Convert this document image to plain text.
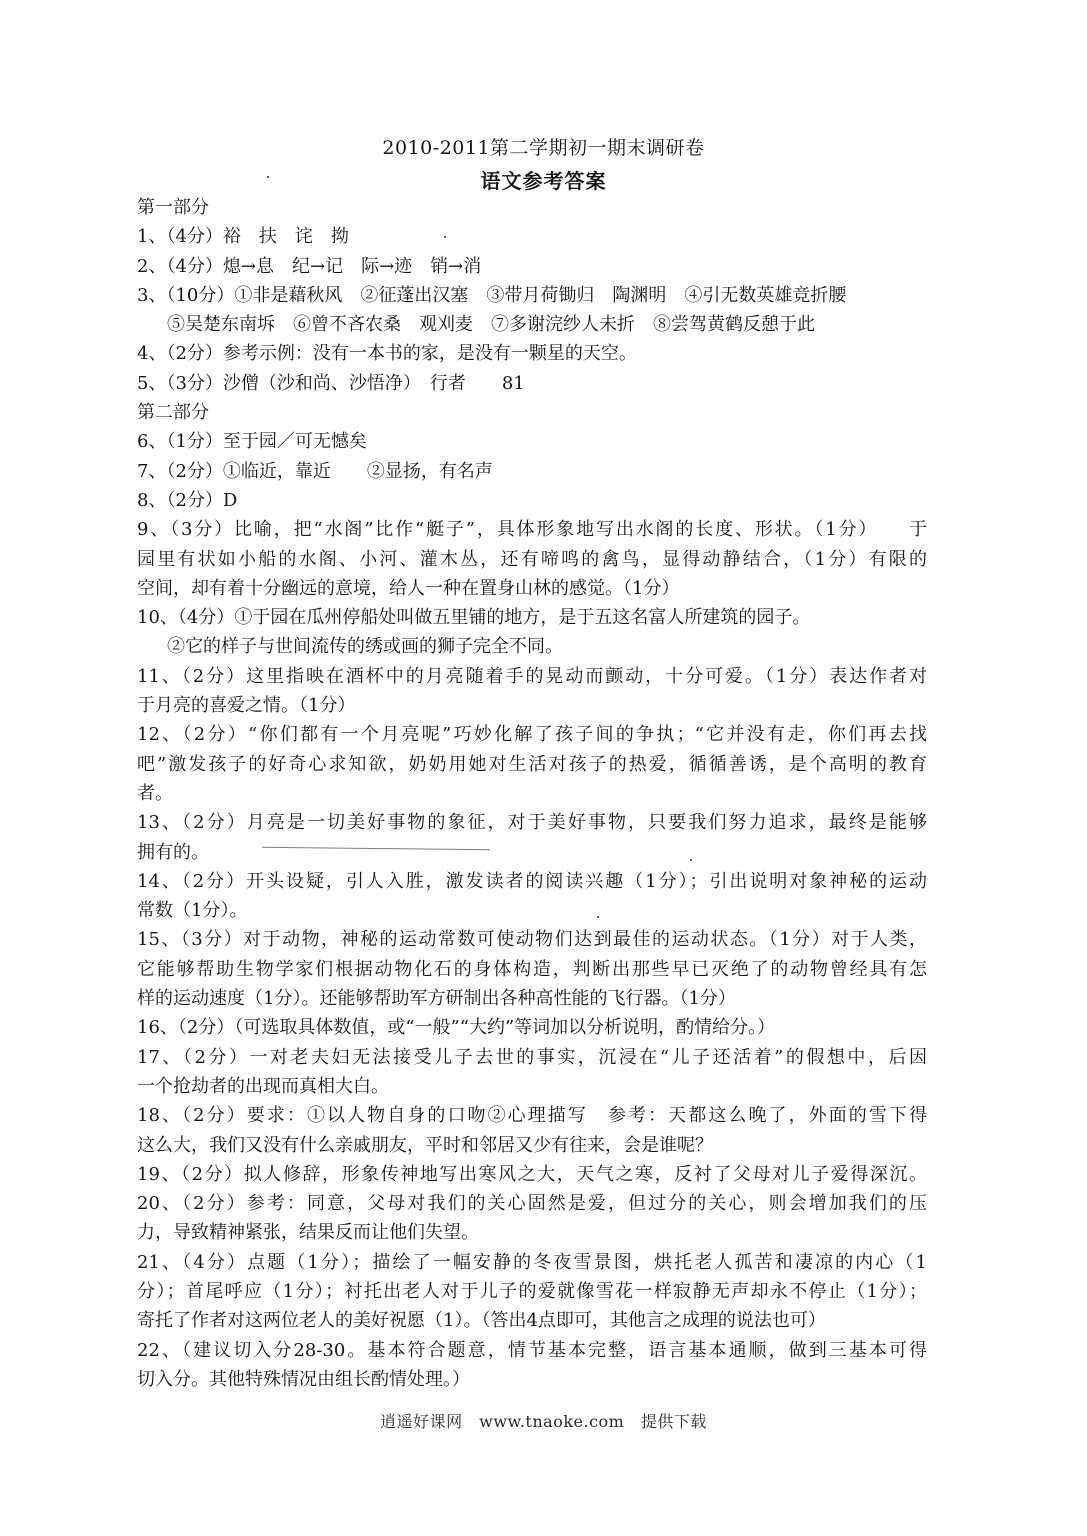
2010-2011第二学期初一期末调研卷
语文参考答案
第一部分
1、（4分）裕　扶　诧　拗
2、（4分）熄→息　纪→记　际→迹　销→消
3、（10分）①非是藉秋风　②征蓬出汉塞　③带月荷锄归　陶渊明　④引无数英雄竞折腰
⑤吴楚东南坼　⑥曾不吝农桑　观刈麦　⑦多谢浣纱人未折　⑧尝驾黄鹤反憩于此
4、（2分）参考示例：没有一本书的家，是没有一颗星的天空。
5、（3分）沙僧（沙和尚、沙悟净）　行者　　81
第二部分
6、（1分）至于园／可无憾矣
7、（2分）①临近，靠近　　②显扬，有名声
8、（2分）D
9、（3分）比喻，把“水阁”比作“艇子”，具体形象地写出水阁的长度、形状。（1分）　　于
园里有状如小船的水阁、小河、灌木丛，还有啼鸣的禽鸟，显得动静结合，（1分）有限的
空间，却有着十分幽远的意境，给人一种在置身山林的感觉。（1分）
10、（4分）①于园在瓜州停船处叫做五里铺的地方，是于五这名富人所建筑的园子。
②它的样子与世间流传的绣或画的狮子完全不同。
11、（2分）这里指映在酒杯中的月亮随着手的晃动而颤动，十分可爱。（1分）表达作者对
于月亮的喜爱之情。（1分）
12、（2分）“你们都有一个月亮呢”巧妙化解了孩子间的争执；“它并没有走，你们再去找
吧”激发孩子的好奇心求知欲，奶奶用她对生活对孩子的热爱，循循善诱，是个高明的教育
者。
13、（2分）月亮是一切美好事物的象征，对于美好事物，只要我们努力追求，最终是能够
拥有的。
14、（2分）开头设疑，引人入胜，激发读者的阅读兴趣（1分）；引出说明对象神秘的运动
常数（1分）。
15、（3分）对于动物，神秘的运动常数可使动物们达到最佳的运动状态。（1分）对于人类，
它能够帮助生物学家们根据动物化石的身体构造，判断出那些早已灭绝了的动物曾经具有怎
样的运动速度（1分）。还能够帮助军方研制出各种高性能的飞行器。（1分）
16、（2分）（可选取具体数值，或“一般”“大约”等词加以分析说明，酌情给分。）
17、（2分）一对老夫妇无法接受儿子去世的事实，沉浸在“儿子还活着”的假想中，后因
一个抢劫者的出现而真相大白。
18、（2分）要求：①以人物自身的口吻②心理描写　参考：天都这么晚了，外面的雪下得
这么大，我们又没有什么亲戚朋友，平时和邻居又少有往来，会是谁呢？
19、（2分）拟人修辞，形象传神地写出寒风之大，天气之寒，反衬了父母对儿子爱得深沉。
20、（2分）参考：同意，父母对我们的关心固然是爱，但过分的关心，则会增加我们的压
力，导致精神紧张，结果反而让他们失望。
21、（4分）点题（1分）；描绘了一幅安静的冬夜雪景图，烘托老人孤苦和凄凉的内心（1
分）；首尾呼应（1分）；衬托出老人对于儿子的爱就像雪花一样寂静无声却永不停止（1分）；
寄托了作者对这两位老人的美好祝愿（1）。（答出4点即可，其他言之成理的说法也可）
22、（建议切入分28-30。基本符合题意，情节基本完整，语言基本通顺，做到三基本可得
切入分。其他特殊情况由组长酌情处理。）
逍遥好课网　www.tnaoke.com　提供下载
